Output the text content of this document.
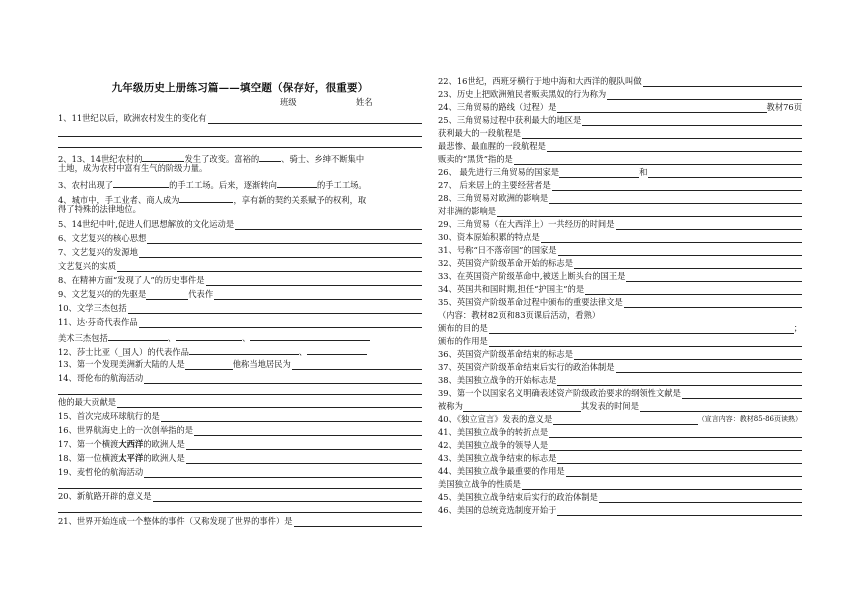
九年级历史上册练习篇——填空题（保存好，很重要）
班级	姓名
1、11世纪以后，欧洲农村发生的变化有
2、13、14世纪农村的	发生了改变。富裕的	、骑士、乡绅不断集中
土地，成为农村中富有生气的阶级力量。
3、农村出现了	的手工工场。后来，逐渐转向	的手工工场。
4、城市中，手工业者、商人成为	，享有新的契约关系赋予的权利，取
得了特殊的法律地位。
5、14世纪中叶,促进人们思想解放的文化运动是
6、文艺复兴的核心思想
7、文艺复兴的发源地
文艺复兴的实质
8、在精神方面“发现了人”的历史事件是
9、文艺复兴的的先驱是	代表作
10、文学三杰包括
11、达·芬奇代表作品
美术三杰包括	、	、
12、莎士比亚（_国人）的代表作品	、
13、第一个发现美洲新大陆的人是	他称当地居民为
14、哥伦布的航海活动
他的最大贡献是
15、首次完成环球航行的是
16、世界航海史上的一次创举指的是
17、第一个横渡 大西洋 的欧洲人是
18、第一位横渡 太平洋 的欧洲人是
19、麦哲伦的航海活动
20、新航路开辟的意义是
21、世界开始连成一个整体的事件（又称发现了世界的事件）是
22、16世纪，西班牙横行于地中海和大西洋的舰队叫做
23、历史上把欧洲殖民者贩卖黑奴的行为称为
24、三角贸易的路线（过程）是	教材76页
25、三角贸易过程中获利最大的地区是
获利最大的一段航程是
最悲惨、最血腥的一段航程是
贩卖的“黑货”指的是
26、 最先进行三角贸易的国家是	和
27、 后来居上的主要经营者是
28、三角贸易对欧洲的影响是
对非洲的影响是
29、三角贸易（在大西洋上）一共经历的时间是
30、资本原始积累的特点是
31、号称“日不落帝国”的国家是
32、英国资产阶级革命开始的标志是
33、在英国资产阶级革命中,被送上断头台的国王是
34、英国共和国时期,担任“护国主”的是
35、英国资产阶级革命过程中颁布的重要法律文是
（内容：教材82页和83页课后活动，看熟）
颁布的目的是	；
颁布的作用是
36、英国资产阶级革命结束的标志是
37、英国资产阶级革命结束后实行的政治体制是
38、美国独立战争的开始标志是
39、第一个以国家名义明确表述资产阶级政治要求的纲领性文献是
被称为	其发表的时间是
40、《独立宣言》发表的意义是	（宣言内容：教材85-86页读熟）
41、美国独立战争的转折点是
42、美国独立战争的领导人是
43、美国独立战争结束的标志是
44、美国独立战争最重要的作用是
美国独立战争的性质是
45、美国独立战争结束后实行的政治体制是
46、美国的总统竞选制度开始于
